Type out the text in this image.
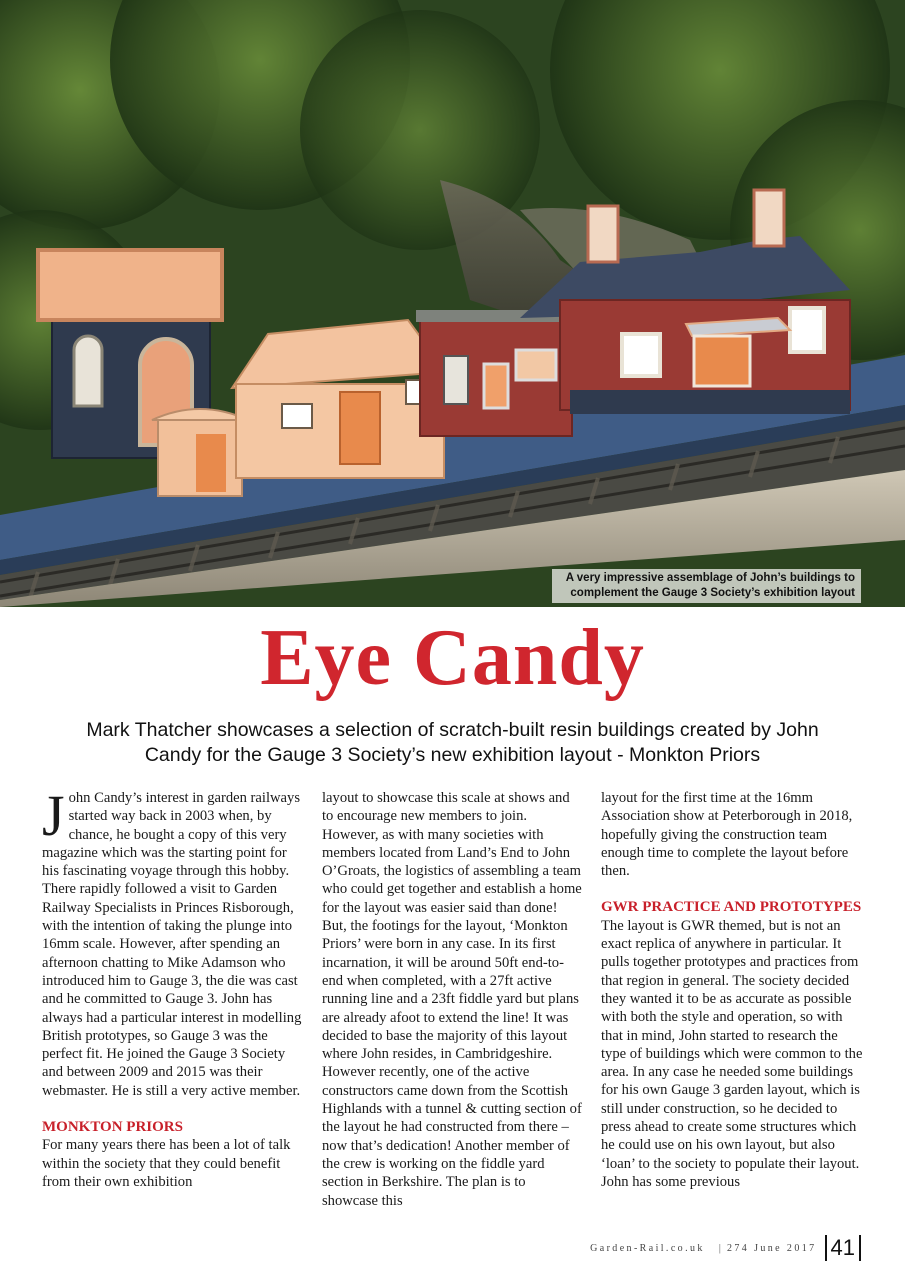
A very impressive assemblage of John’s buildings to
complement the Gauge 3 Society’s exhibition layout
Eye Candy
Mark Thatcher showcases a selection of scratch-built resin buildings created by John
Candy for the Gauge 3 Society’s new exhibition layout - Monkton Priors
J ohn Candy’s interest in garden railways started way back in 2003 when, by chance, he bought a copy of this very magazine which was the starting point for his fascinating voyage through this hobby. There rapidly followed a visit to Garden Railway Specialists in Princes Risborough, with the intention of taking the plunge into 16mm scale. However, after spending an afternoon chatting to Mike Adamson who introduced him to Gauge 3, the die was cast and he committed to Gauge 3. John has always had a particular interest in modelling British prototypes, so Gauge 3 was the perfect fit. He joined the Gauge 3 Society and between 2009 and 2015 was their webmaster. He is still a very active member.

MONKTON PRIORS

For many years there has been a lot of talk within the society that they could benefit from their own exhibition

layout to showcase this scale at shows and to encourage new members to join. However, as with many societies with members located from Land’s End to John O’Groats, the logistics of assembling a team who could get together and establish a home for the layout was easier said than done! But, the footings for the layout, ‘Monkton Priors’ were born in any case. In its first incarnation, it will be around 50ft end-to-end when completed, with a 27ft active running line and a 23ft fiddle yard but plans are already afoot to extend the line! It was decided to base the majority of this layout where John resides, in Cambridgeshire. However recently, one of the active constructors came down from the Scottish Highlands with a tunnel & cutting section of the layout he had constructed from there – now that’s dedication! Another member of the crew is working on the fiddle yard section in Berkshire. The plan is to showcase this

layout for the first time at the 16mm Association show at Peterborough in 2018, hopefully giving the construction team enough time to complete the layout before then.

GWR PRACTICE AND PROTOTYPES

The layout is GWR themed, but is not an exact replica of anywhere in particular. It pulls together prototypes and practices from that region in general. The society decided they wanted it to be as accurate as possible with both the style and operation, so with that in mind, John started to research the type of buildings which were common to the area. In any case he needed some buildings for his own Gauge 3 garden layout, which is still under construction, so he decided to press ahead to create some structures which he could use on his own layout, but also ‘loan’ to the society to populate their layout. John has some previous

Garden-Rail.co.uk | 274 June 2017 41
